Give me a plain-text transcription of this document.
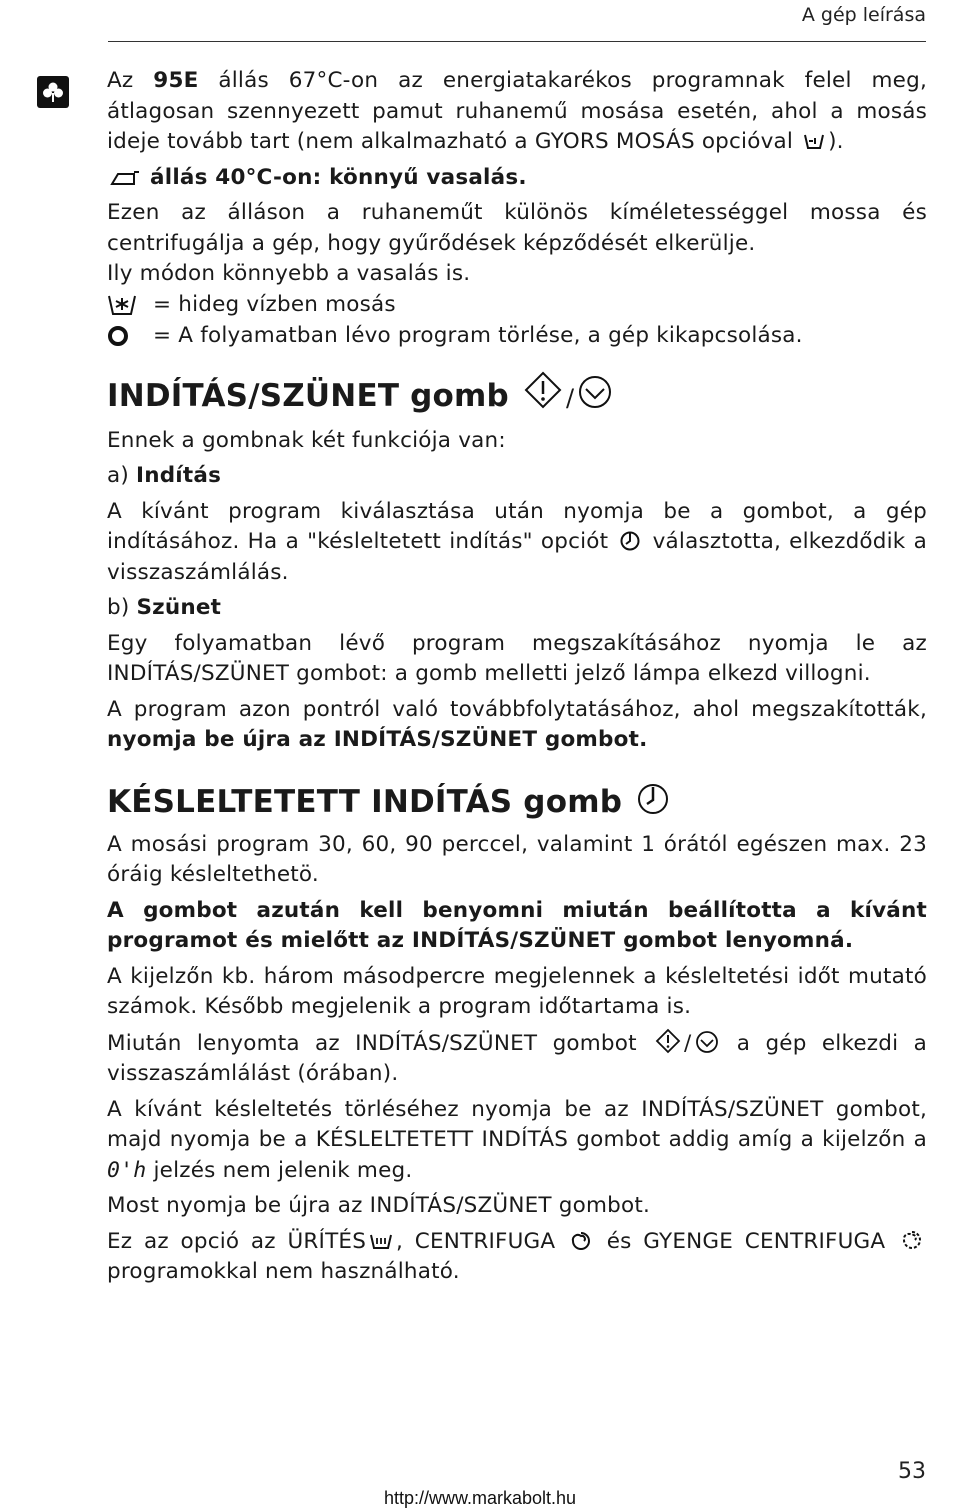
A gép leírása

Az 95E állás 67°C-on az energiatakarékos programnak felel meg, átlagosan szennyezett pamut ruhanemű mosása esetén, ahol a mosás ideje tovább tart (nem alkalmazható a GYORS MOSÁS opcióval
).

állás 40°C-on: könnyű vasalás.

Ezen az álláson a ruhaneműt különös kíméletességgel mossa és centrifugálja a gép, hogy gyűrődések képződését elkerülje.

Ily módon könnyebb a vasalás is.

= hideg vízben mosás
= A folyamatban lévo program törlése, a gép kikapcsolása.
INDÍTÁS/SZÜNET gomb /

Ennek a gombnak két funkciója van:

a) Indítás

A kívánt program kiválasztása után nyomja be a gombot, a gép indításához. Ha a "késleltetett indítás" opciót választotta, elkezdődik a visszaszámlálás.

b) Szünet

Egy folyamatban lévő program megszakításához nyomja le az INDÍTÁS/SZÜNET gombot: a gomb melletti jelző lámpa elkezd villogni.

A program azon pontról való továbbfolytatásához, ahol megszakították, nyomja be újra az INDÍTÁS/SZÜNET gombot.

KÉSLELTETETT INDÍTÁS gomb

A mosási program 30, 60, 90 perccel, valamint 1 órától egészen max. 23 óráig késleltethetö.

A gombot azután kell benyomni miután beállította a kívánt programot és mielőtt az INDÍTÁS/SZÜNET gombot lenyomná.

A kijelzőn kb. három másodpercre megjelennek a késleltetési időt mutató számok. Később megjelenik a program időtartama is.

Miután lenyomta az INDÍTÁS/SZÜNET gombot / a gép elkezdi a visszaszámlálást (órában).

A kívánt késleltetés törléséhez nyomja be az INDÍTÁS/SZÜNET gombot, majd nyomja be a KÉSLELTETETT INDÍTÁS gombot addig amíg a kijelzőn a 0'h jelzés nem jelenik meg.

Most nyomja be újra az INDÍTÁS/SZÜNET gombot.

Ez az opció az ÜRÍTÉS , CENTRIFUGA és GYENGE CENTRIFUGA
programokkal nem használható.

53
http://www.markabolt.hu
